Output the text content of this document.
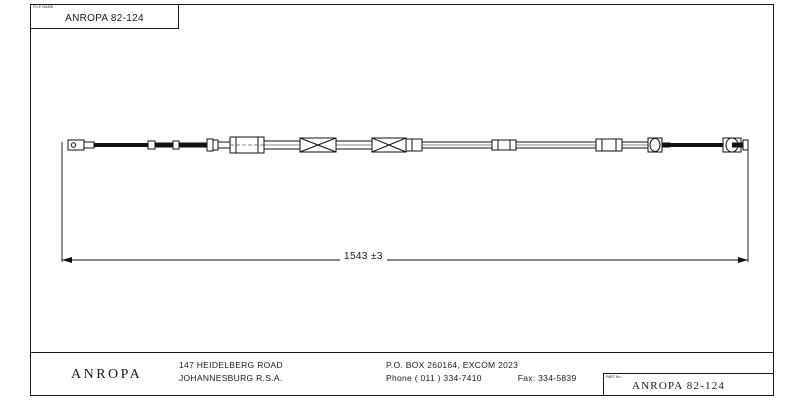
FILE NAME
ANROPA 82-124
1543 ±3
ANROPA
147 HEIDELBERG ROAD
JOHANNESBURG R.S.A.
P.O. BOX 260164, EXCOM 2023
Phone ( 011 ) 334-7410	Fax: 334-5839	PART No.
ANROPA 82-124
